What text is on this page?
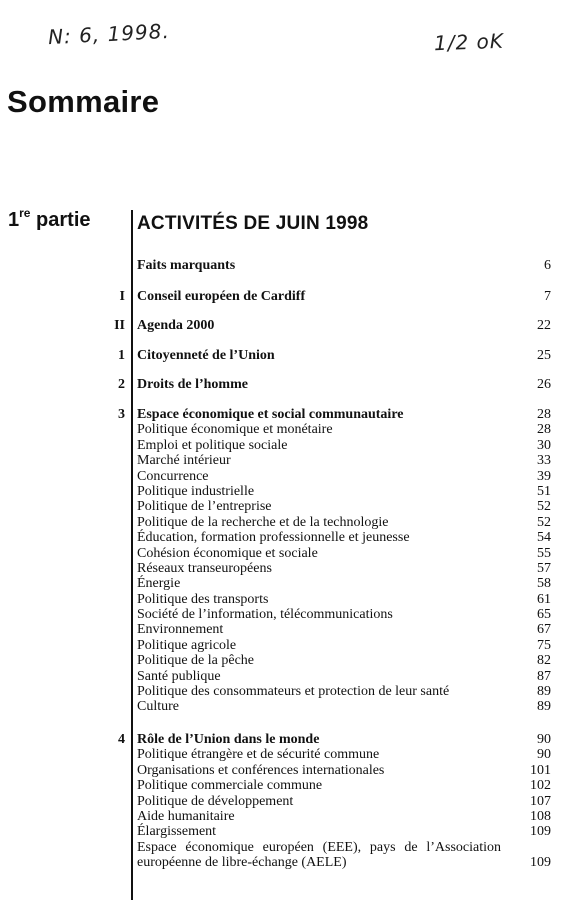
N: 6, 1998.	1/2 oK
Sommaire
1re partie ACTIVITÉS DE JUIN 1998
Faits marquants	6
I Conseil européen de Cardiff	7
II Agenda 2000	22
1 Citoyenneté de l’Union	25
2 Droits de l’homme	26
3 Espace économique et social communautaire	28
Politique économique et monétaire	28
Emploi et politique sociale	30
Marché intérieur	33
Concurrence	39
Politique industrielle	51
Politique de l’entreprise	52
Politique de la recherche et de la technologie	52
Éducation, formation professionnelle et jeunesse	54
Cohésion économique et sociale	55
Réseaux transeuropéens	57
Énergie	58
Politique des transports	61
Société de l’information, télécommunications	65
Environnement	67
Politique agricole	75
Politique de la pêche	82
Santé publique	87
Politique des consommateurs et protection de leur santé	89
Culture	89
4 Rôle de l’Union dans le monde	90
Politique étrangère et de sécurité commune	90
Organisations et conférences internationales	101
Politique commerciale commune	102
Politique de développement	107
Aide humanitaire	108
Élargissement	109
Espace économique européen (EEE), pays de l’Association
européenne de libre-échange (AELE)	109
